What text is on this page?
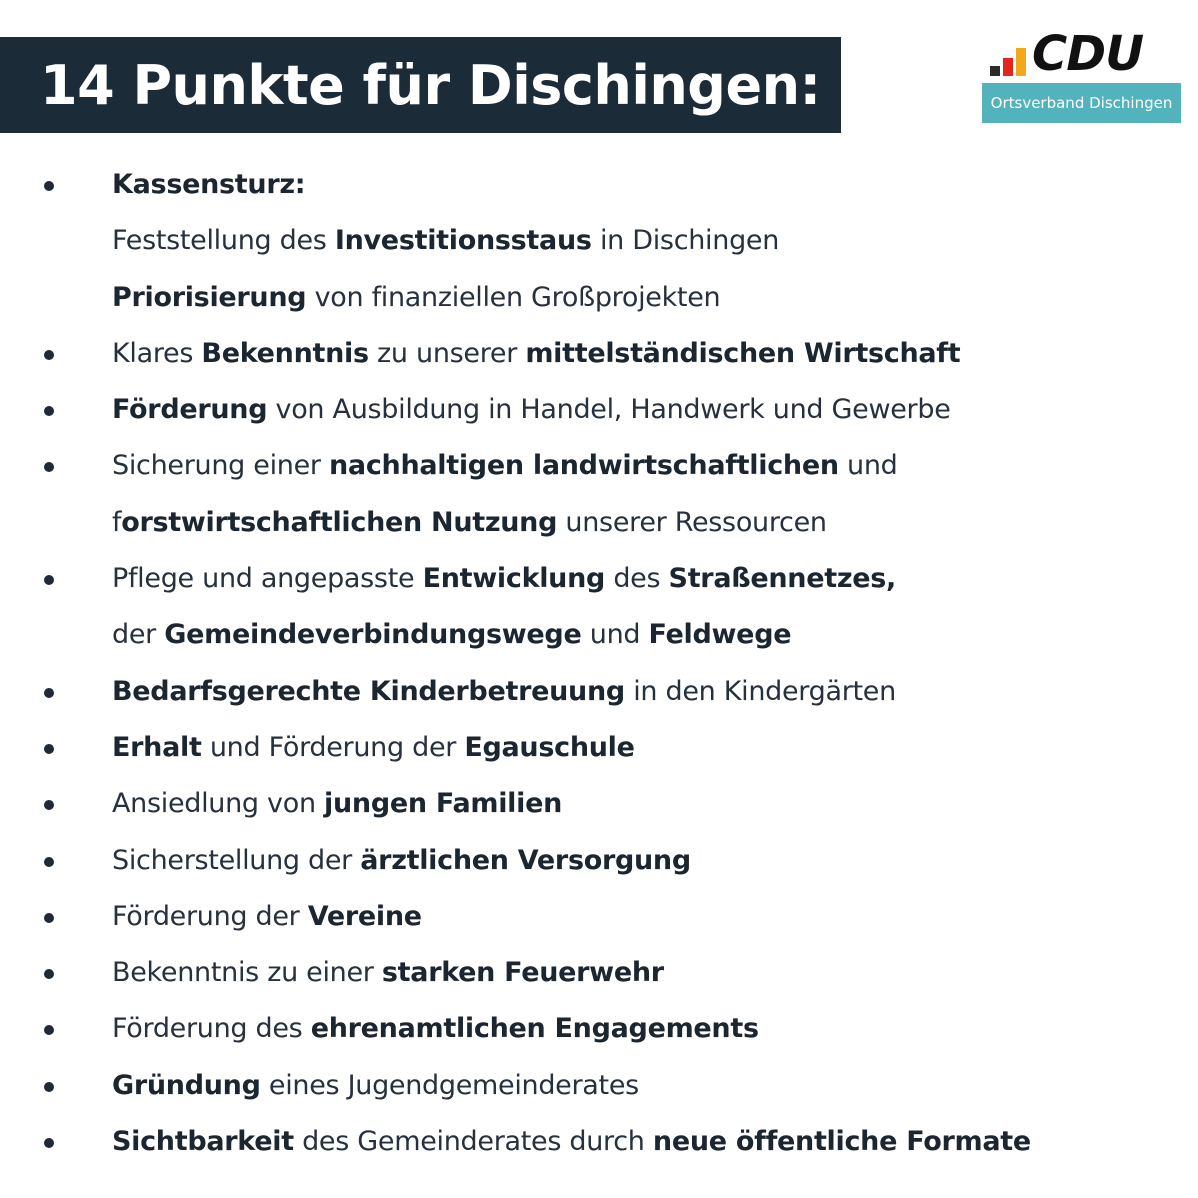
14 Punkte für Dischingen:	CDU
Ortsverband Dischingen
Kassensturz:
Feststellung des Investitionsstaus in Dischingen
Priorisierung von finanziellen Großprojekten
Klares Bekenntnis zu unserer mittelständischen Wirtschaft
Förderung von Ausbildung in Handel, Handwerk und Gewerbe
Sicherung einer nachhaltigen landwirtschaftlichen und
forstwirtschaftlichen Nutzung unserer Ressourcen
Pflege und angepasste Entwicklung des Straßennetzes,
der Gemeindeverbindungswege und Feldwege
Bedarfsgerechte Kinderbetreuung in den Kindergärten
Erhalt und Förderung der Egauschule
Ansiedlung von jungen Familien
Sicherstellung der ärztlichen Versorgung
Förderung der Vereine
Bekenntnis zu einer starken Feuerwehr
Förderung des ehrenamtlichen Engagements
Gründung eines Jugendgemeinderates
Sichtbarkeit des Gemeinderates durch neue öffentliche Formate
